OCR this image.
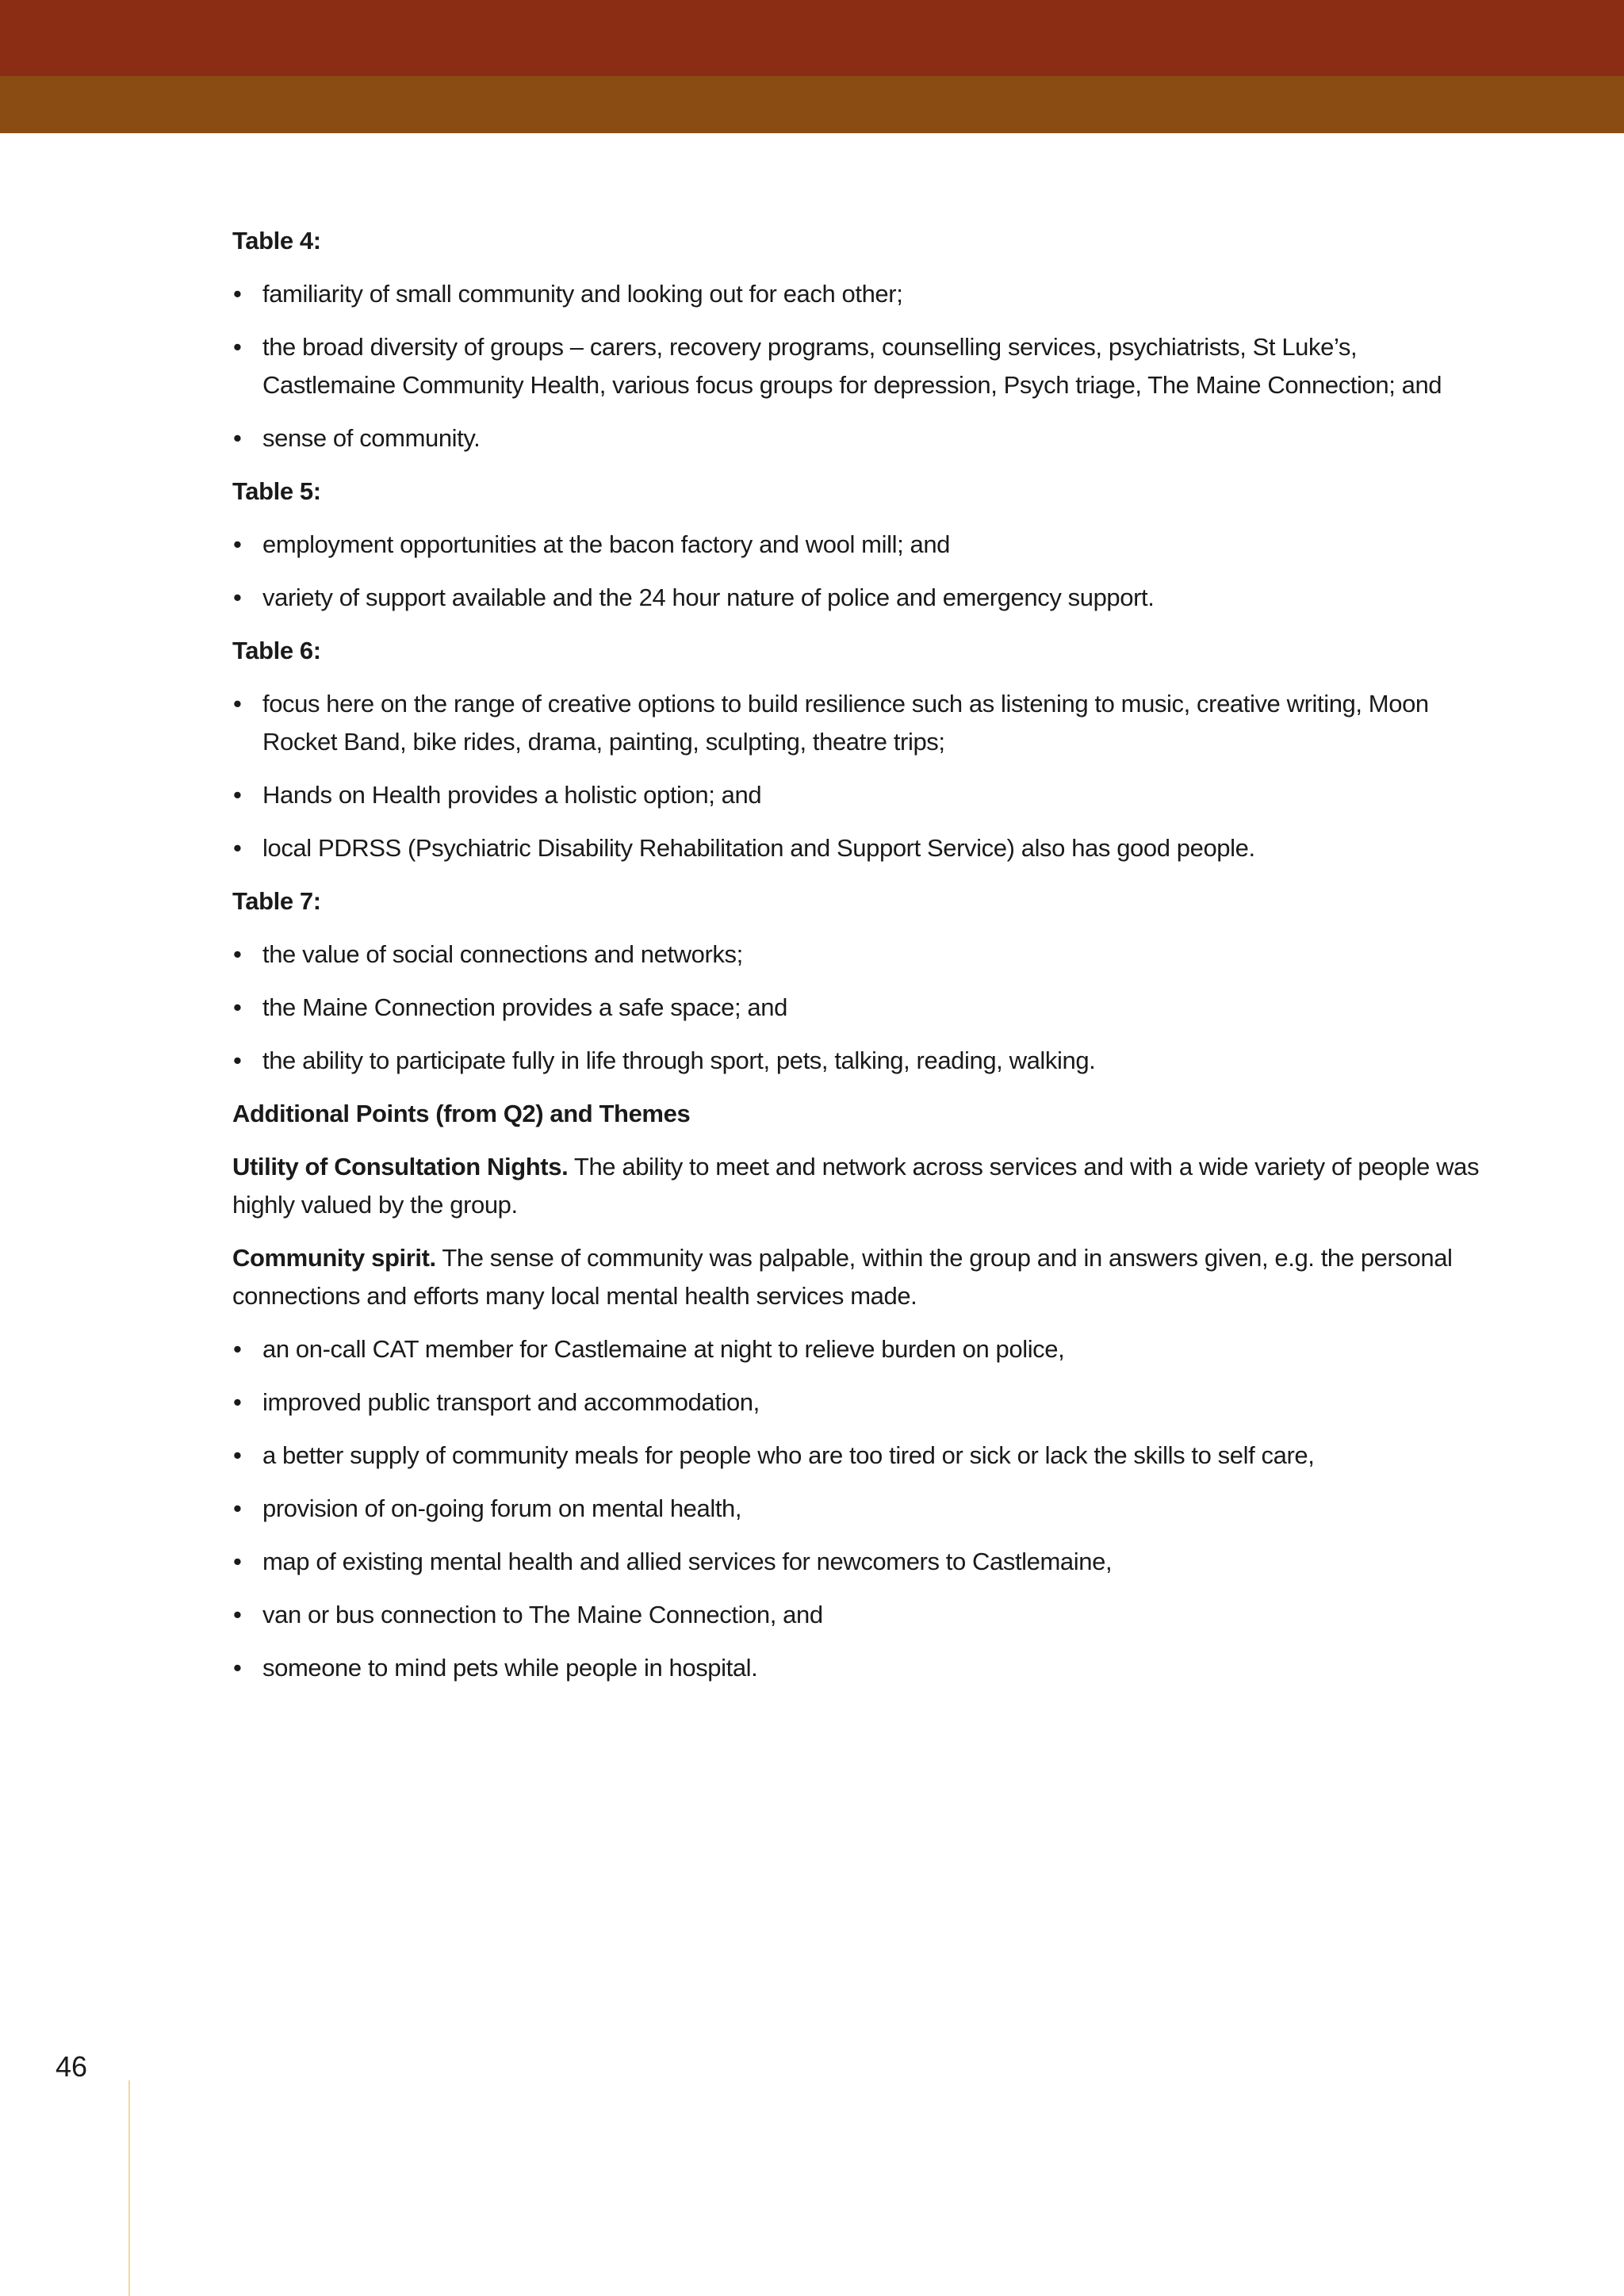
Table 4:
• familiarity of small community and looking out for each other;
• the broad diversity of groups – carers, recovery programs, counselling services, psychiatrists, St Luke’s, Castlemaine Community Health, various focus groups for depression, Psych triage, The Maine Connection; and
• sense of community.
Table 5:
• employment opportunities at the bacon factory and wool mill; and
• variety of support available and the 24 hour nature of police and emergency support.
Table 6:
• focus here on the range of creative options to build resilience such as listening to music, creative writing, Moon Rocket Band, bike rides, drama, painting, sculpting, theatre trips;
• Hands on Health provides a holistic option; and
• local PDRSS (Psychiatric Disability Rehabilitation and Support Service) also has good people.
Table 7:
• the value of social connections and networks;
• the Maine Connection provides a safe space; and
• the ability to participate fully in life through sport, pets, talking, reading, walking.
Additional Points (from Q2) and Themes

Utility of Consultation Nights. The ability to meet and network across services and with a wide variety of people was highly valued by the group.

Community spirit. The sense of community was palpable, within the group and in answers given, e.g. the personal connections and efforts many local mental health services made.

• an on-call CAT member for Castlemaine at night to relieve burden on police,
• improved public transport and accommodation,
• a better supply of community meals for people who are too tired or sick or lack the skills to self care,
• provision of on-going forum on mental health,
• map of existing mental health and allied services for newcomers to Castlemaine,
• van or bus connection to The Maine Connection, and
• someone to mind pets while people in hospital.
46
